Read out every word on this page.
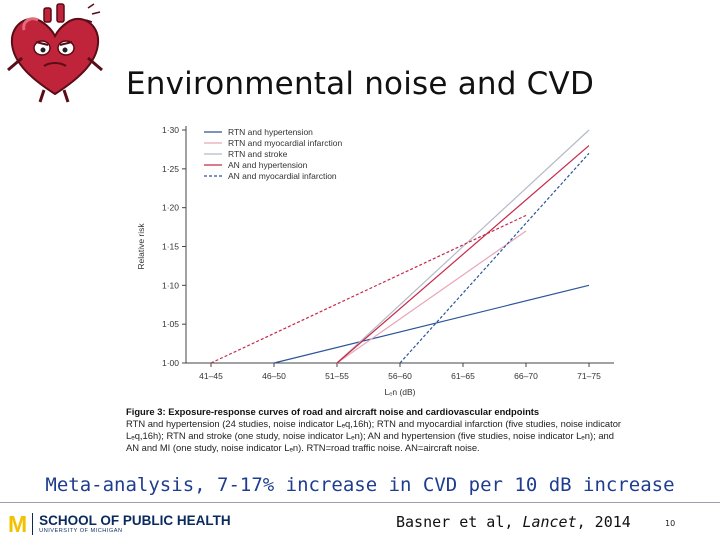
Environmental noise and CVD
1·00
1·05
1·10
1·15
1·20
1·25
1·30
41–45	46–50	51–55	56–60	61–65	66–70	71–75
Lₑn (dB)
Relative risk
RTN and hypertension
RTN and myocardial infarction
RTN and stroke
AN and hypertension
AN and myocardial infarction
Figure 3: Exposure-response curves of road and aircraft noise and cardiovascular endpoints
RTN and hypertension (24 studies, noise indicator Lₑq,16h); RTN and myocardial infarction (five studies, noise indicator Lₑq,16h); RTN and stroke (one study, noise indicator Lₑn); AN and hypertension (five studies, noise indicator Lₑn); and AN and MI (one study, noise indicator Lₑn). RTN=road traffic noise. AN=aircraft noise.
Meta-analysis, 7-17% increase in CVD per 10 dB increase
M SCHOOL OF PUBLIC HEALTH
UNIVERSITY OF MICHIGAN	Basner et al, Lancet, 2014	10
